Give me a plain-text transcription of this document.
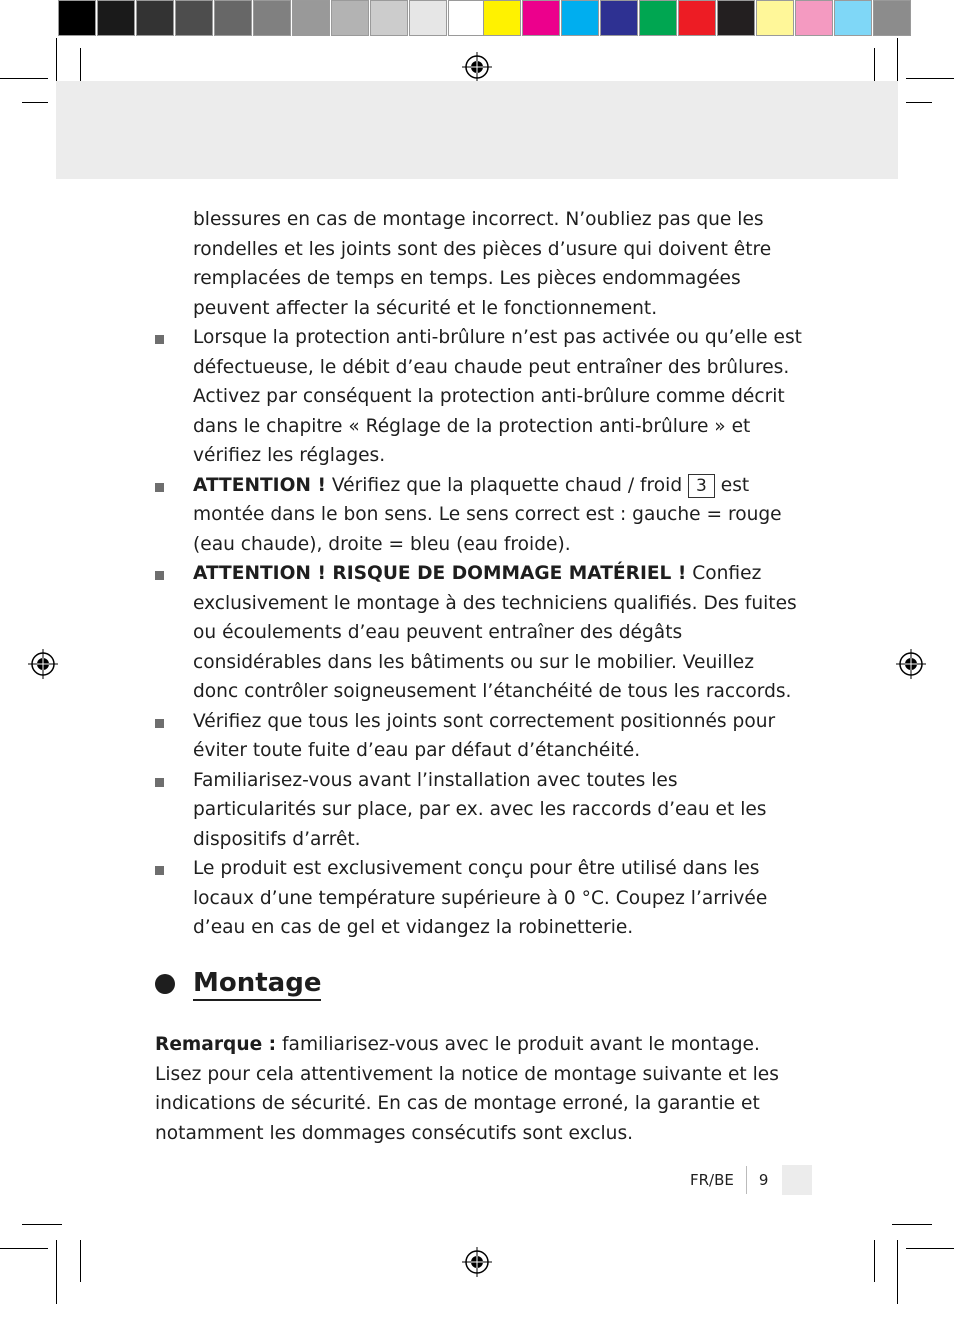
blessures en cas de montage incorrect. N’oubliez pas que les rondelles et les joints sont des pièces d’usure qui doivent être remplacées de temps en temps. Les pièces endommagées peuvent affecter la sécurité et le fonctionnement.
Lorsque la protection anti-brûlure n’est pas activée ou qu’elle est défectueuse, le débit d’eau chaude peut entraîner des brûlures. Activez par conséquent la protection anti-brûlure comme décrit dans le chapitre « Réglage de la protection anti-brûlure » et vérifiez les réglages.
ATTENTION ! Vérifiez que la plaquette chaud / froid 3 est montée dans le bon sens. Le sens correct est : gauche = rouge (eau chaude), droite = bleu (eau froide).
ATTENTION ! RISQUE DE DOMMAGE MATÉRIEL ! Confiez exclusivement le montage à des techniciens qualifiés. Des fuites ou écoulements d’eau peuvent entraîner des dégâts considérables dans les bâtiments ou sur le mobilier. Veuillez donc contrôler soigneusement l’étanchéité de tous les raccords.
Vérifiez que tous les joints sont correctement positionnés pour éviter toute fuite d’eau par défaut d’étanchéité.
Familiarisez-vous avant l’installation avec toutes les particularités sur place, par ex. avec les raccords d’eau et les dispositifs d’arrêt.
Le produit est exclusivement conçu pour être utilisé dans les locaux d’une température supérieure à 0 °C. Coupez l’arrivée d’eau en cas de gel et vidangez la robinetterie.
Montage
Remarque : familiarisez-vous avec le produit avant le montage. Lisez pour cela attentivement la notice de montage suivante et les indications de sécurité. En cas de montage erroné, la garantie et notamment les dommages consécutifs sont exclus.
FR/BE 9
